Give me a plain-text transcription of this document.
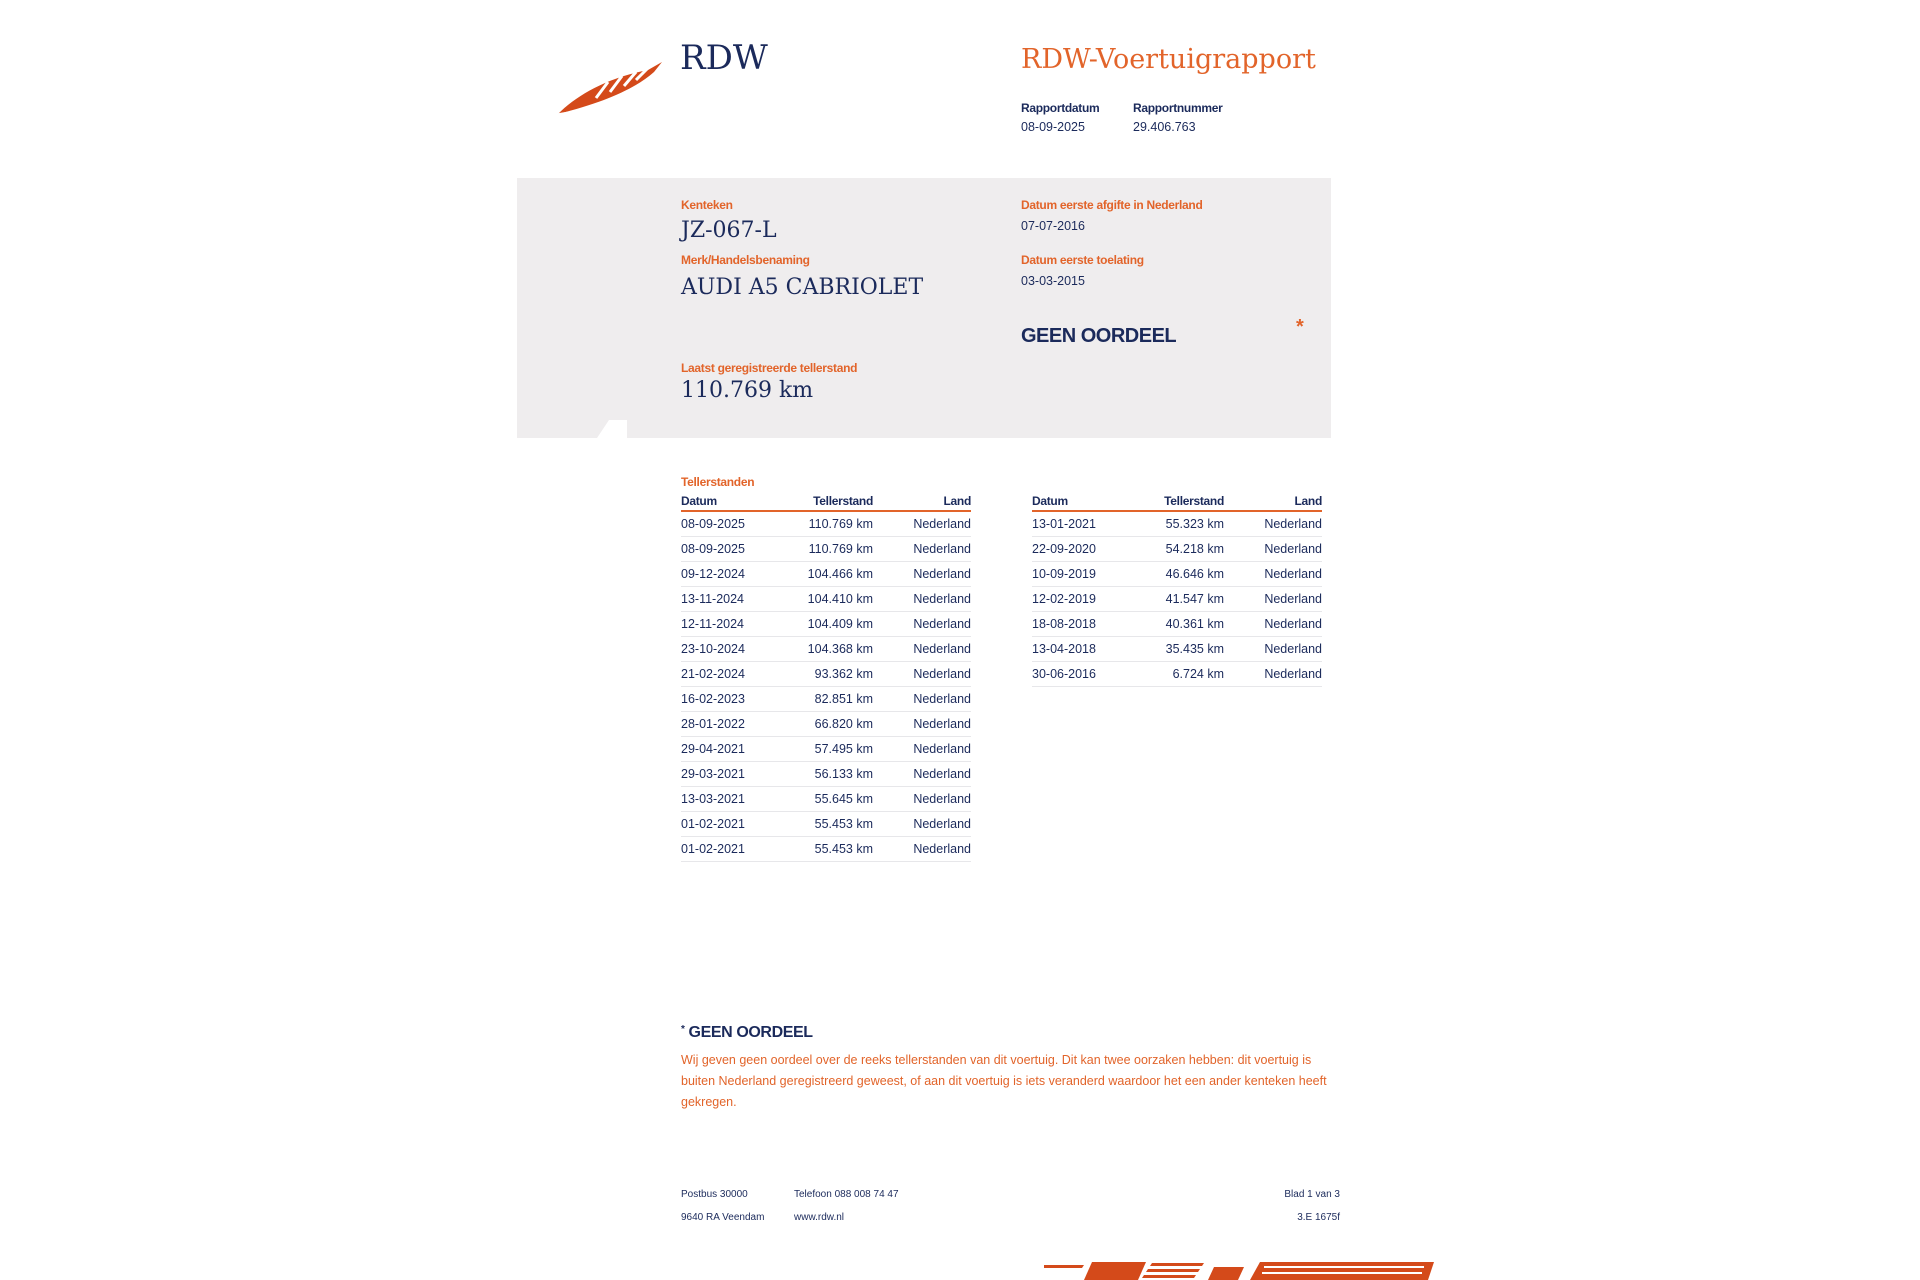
RDW	RDW-Voertuigrapport
Rapportdatum
08-09-2025
Rapportnummer
29.406.763
Kenteken
JZ-067-L
Merk/Handelsbenaming
AUDI A5 CABRIOLET
Laatst geregistreerde tellerstand
110.769 km
Datum eerste afgifte in Nederland
07-07-2016
Datum eerste toelating
03-03-2015
GEEN OORDEEL	*
Tellerstanden
Datum	Tellerstand	Land
08-09-2025	110.769 km	Nederland
08-09-2025	110.769 km	Nederland
09-12-2024	104.466 km	Nederland
13-11-2024	104.410 km	Nederland
12-11-2024	104.409 km	Nederland
23-10-2024	104.368 km	Nederland
21-02-2024	93.362 km	Nederland
16-02-2023	82.851 km	Nederland
28-01-2022	66.820 km	Nederland
29-04-2021	57.495 km	Nederland
29-03-2021	56.133 km	Nederland
13-03-2021	55.645 km	Nederland
01-02-2021	55.453 km	Nederland
01-02-2021	55.453 km	Nederland
Datum	Tellerstand	Land
13-01-2021	55.323 km	Nederland
22-09-2020	54.218 km	Nederland
10-09-2019	46.646 km	Nederland
12-02-2019	41.547 km	Nederland
18-08-2018	40.361 km	Nederland
13-04-2018	35.435 km	Nederland
30-06-2016	6.724 km	Nederland
* GEEN OORDEEL
Wij geven geen oordeel over de reeks tellerstanden van dit voertuig. Dit kan twee oorzaken hebben: dit voertuig is buiten Nederland geregistreerd geweest, of aan dit voertuig is iets veranderd waardoor het een ander kenteken heeft gekregen.
Postbus 30000
9640 RA Veendam
Telefoon 088 008 74 47
www.rdw.nl
Blad 1 van 3
3.E 1675f
